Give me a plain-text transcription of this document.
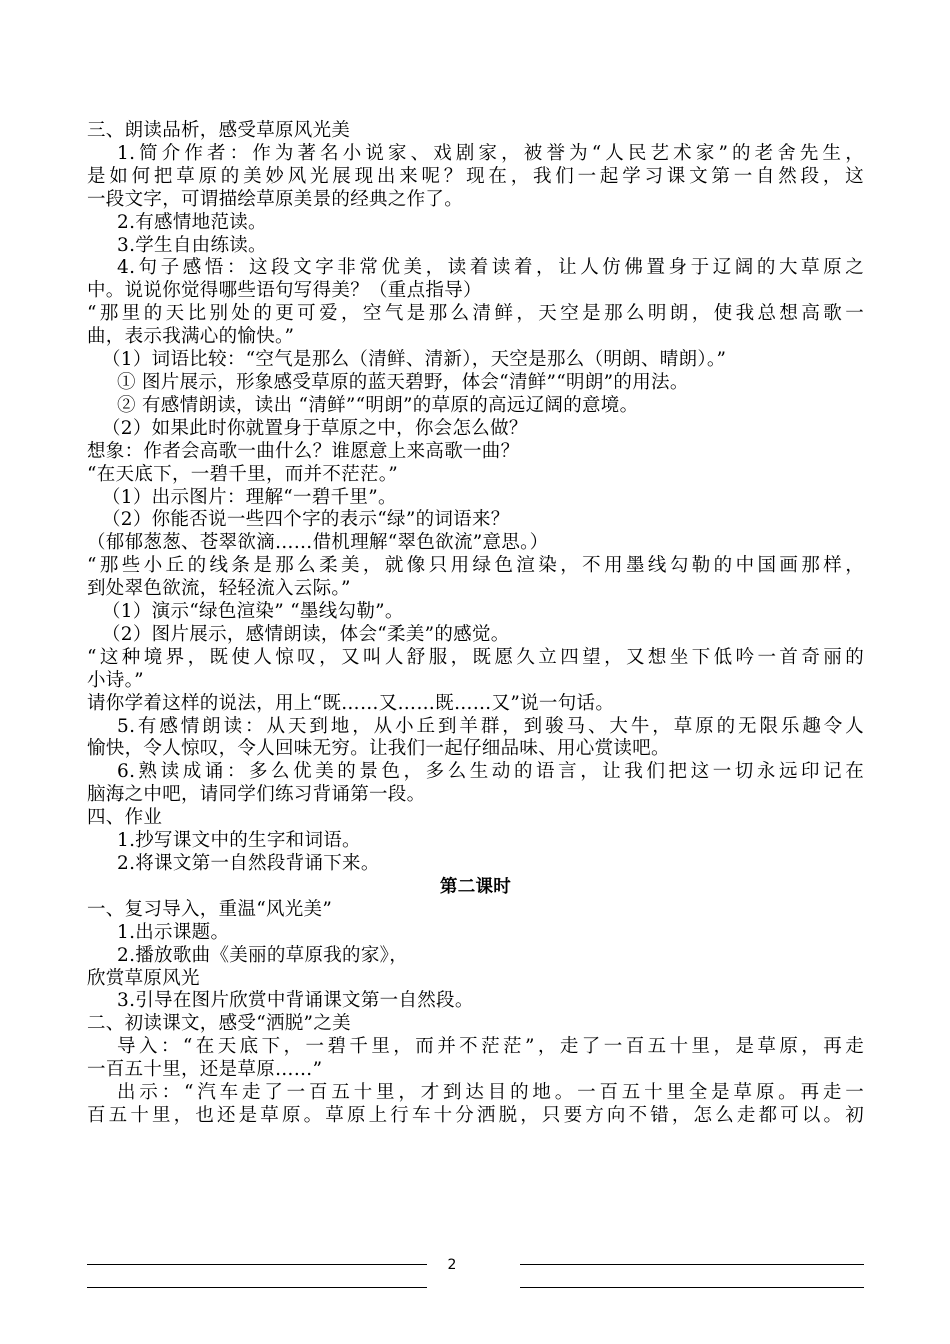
三、朗读品析，感受草原风光美
1.简介作者：作为著名小说家、戏剧家，被誉为“人民艺术家”的老舍先生，
是如何把草原的美妙风光展现出来呢？现在，我们一起学习课文第一自然段，这
一段文字，可谓描绘草原美景的经典之作了。
2.有感情地范读。
3.学生自由练读。
4.句子感悟：这段文字非常优美，读着读着，让人仿佛置身于辽阔的大草原之
中。说说你觉得哪些语句写得美？（重点指导）
“那里的天比别处的更可爱，空气是那么清鲜，天空是那么明朗，使我总想高歌一
曲，表示我满心的愉快。”
（1）词语比较：“空气是那么（清鲜、清新），天空是那么（明朗、晴朗）。”
① 图片展示，形象感受草原的蓝天碧野，体会“清鲜”“明朗”的用法。
② 有感情朗读，读出 “清鲜”“明朗”的草原的高远辽阔的意境。
（2）如果此时你就置身于草原之中，你会怎么做？
想象：作者会高歌一曲什么？谁愿意上来高歌一曲？
“在天底下，一碧千里，而并不茫茫。”
（1）出示图片：理解“一碧千里”。
（2）你能否说一些四个字的表示“绿”的词语来？
（郁郁葱葱、苍翠欲滴……借机理解“翠色欲流”意思。）
“那些小丘的线条是那么柔美，就像只用绿色渲染，不用墨线勾勒的中国画那样，
到处翠色欲流，轻轻流入云际。”
（1）演示“绿色渲染” “墨线勾勒”。
（2）图片展示，感情朗读，体会“柔美”的感觉。
“这种境界，既使人惊叹，又叫人舒服，既愿久立四望，又想坐下低吟一首奇丽的
小诗。”
请你学着这样的说法，用上“既……又……既……又”说一句话。
5.有感情朗读：从天到地，从小丘到羊群，到骏马、大牛，草原的无限乐趣令人
愉快，令人惊叹，令人回味无穷。让我们一起仔细品味、用心赏读吧。
6.熟读成诵：多么优美的景色，多么生动的语言，让我们把这一切永远印记在
脑海之中吧，请同学们练习背诵第一段。
四、作业
1.抄写课文中的生字和词语。
2.将课文第一自然段背诵下来。
第二课时
一、复习导入，重温“风光美”
1.出示课题。
2.播放歌曲《美丽的草原我的家》，
欣赏草原风光
3.引导在图片欣赏中背诵课文第一自然段。
二、初读课文，感受“洒脱”之美
导入：“在天底下，一碧千里，而并不茫茫”，走了一百五十里，是草原，再走
一百五十里，还是草原……”
出示：“汽车走了一百五十里，才到达目的地。一百五十里全是草原。再走一
百五十里，也还是草原。草原上行车十分洒脱，只要方向不错，怎么走都可以。初
2
